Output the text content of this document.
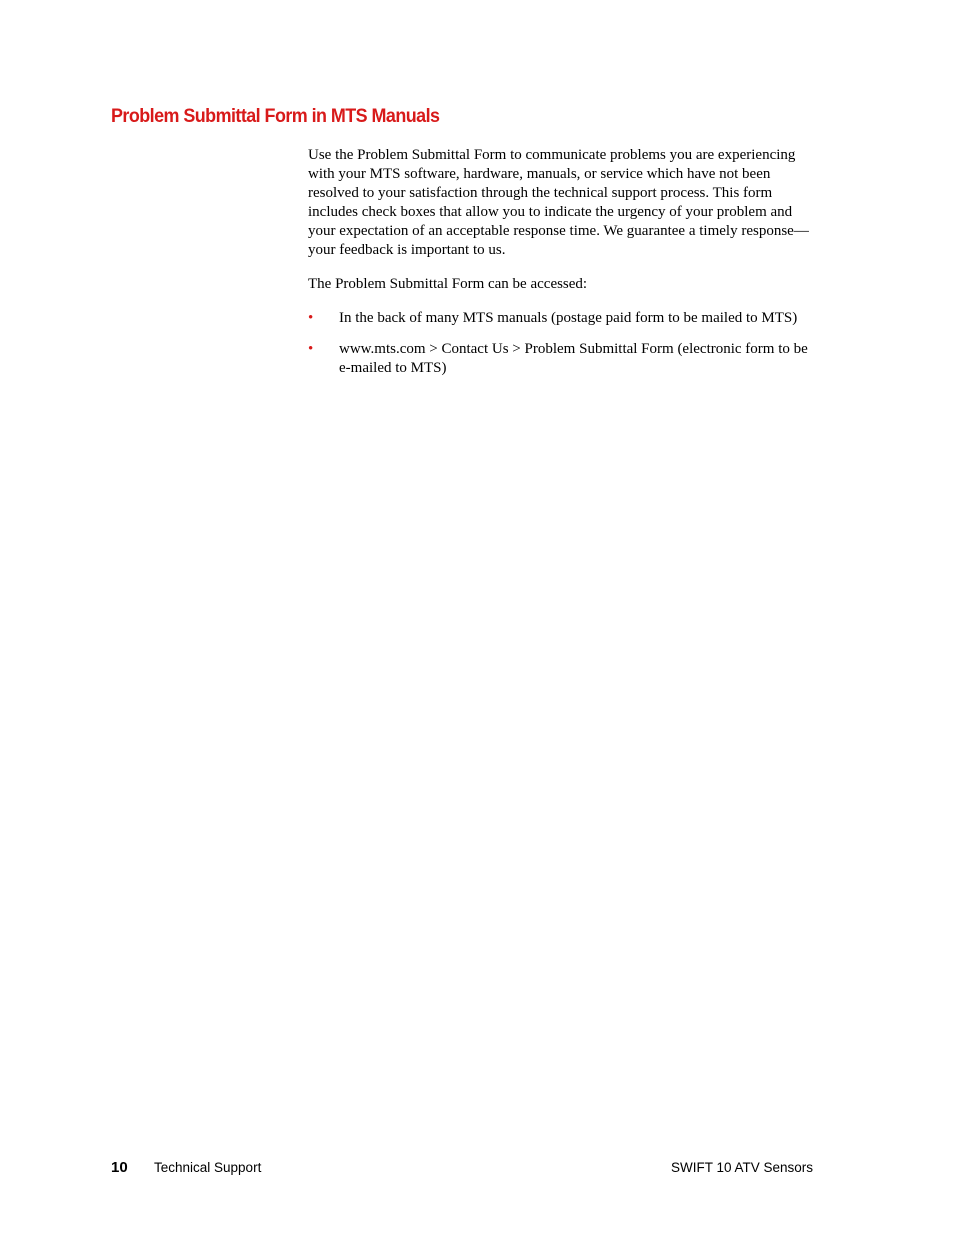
Problem Submittal Form in MTS Manuals

Use the Problem Submittal Form to communicate problems you are experiencing with your MTS software, hardware, manuals, or service which have not been resolved to your satisfaction through the technical support process. This form includes check boxes that allow you to indicate the urgency of your problem and your expectation of an acceptable response time. We guarantee a timely response—your feedback is important to us.

The Problem Submittal Form can be accessed:

• In the back of many MTS manuals (postage paid form to be mailed to MTS)
• www.mts.com > Contact Us > Problem Submittal Form (electronic form to be e-mailed to MTS)
10 Technical Support	SWIFT 10 ATV Sensors
